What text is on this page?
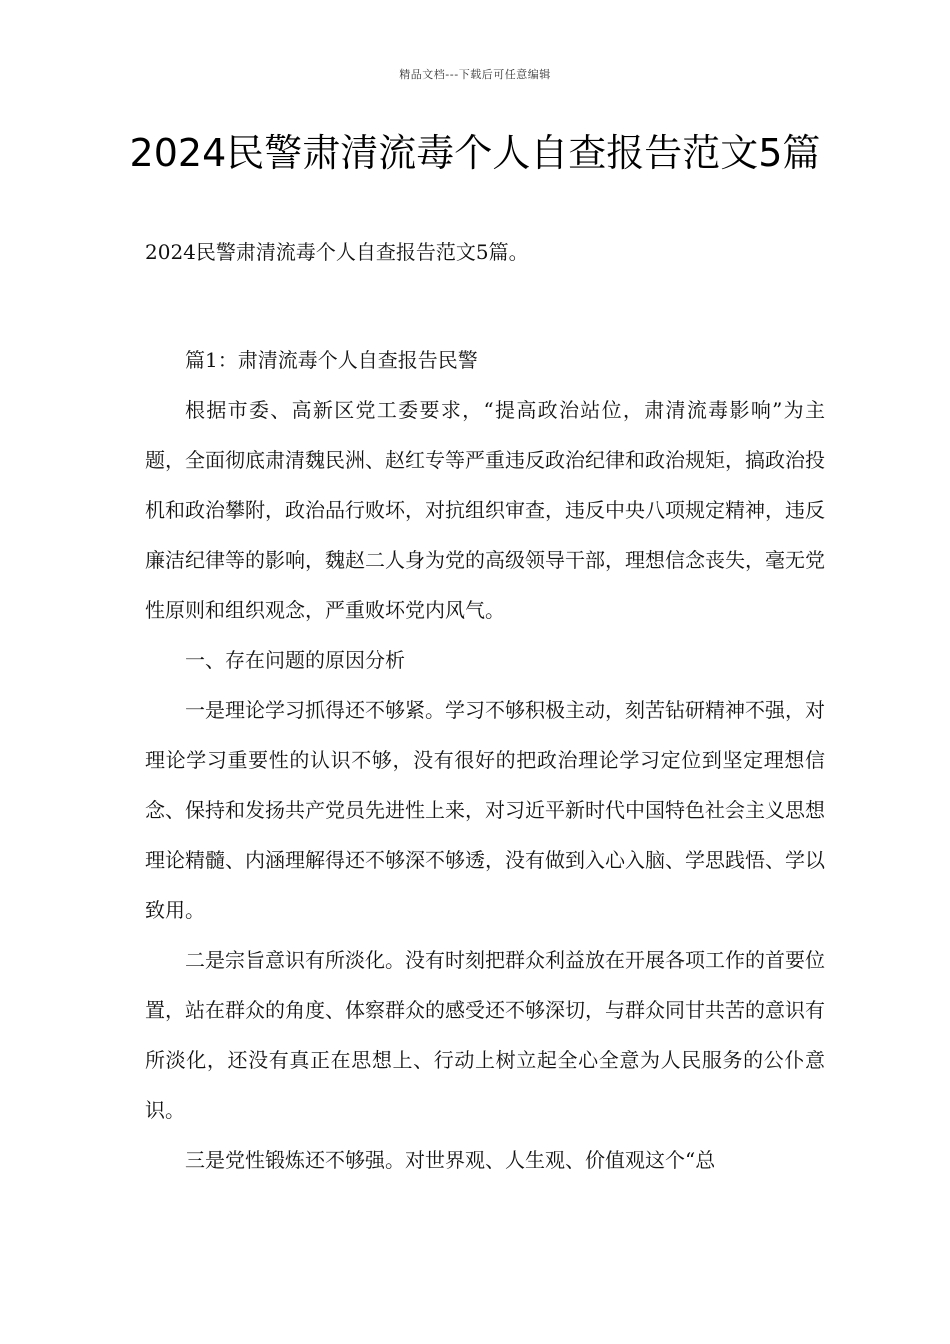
精品文档---下载后可任意编辑
2024民警肃清流毒个人自查报告范文5篇

2024民警肃清流毒个人自查报告范文5篇。

篇1：肃清流毒个人自查报告民警

根据市委、高新区党工委要求，“提高政治站位，肃清流毒影响”为主题，全面彻底肃清魏民洲、赵红专等严重违反政治纪律和政治规矩，搞政治投机和政治攀附，政治品行败坏，对抗组织审查，违反中央八项规定精神，违反廉洁纪律等的影响，魏赵二人身为党的高级领导干部，理想信念丧失，毫无党性原则和组织观念，严重败坏党内风气。

一、存在问题的原因分析

一是理论学习抓得还不够紧。学习不够积极主动，刻苦钻研精神不强，对理论学习重要性的认识不够，没有很好的把政治理论学习定位到坚定理想信念、保持和发扬共产党员先进性上来，对习近平新时代中国特色社会主义思想理论精髓、内涵理解得还不够深不够透，没有做到入心入脑、学思践悟、学以致用。

二是宗旨意识有所淡化。没有时刻把群众利益放在开展各项工作的首要位置，站在群众的角度、体察群众的感受还不够深切，与群众同甘共苦的意识有所淡化，还没有真正在思想上、行动上树立起全心全意为人民服务的公仆意识。

三是党性锻炼还不够强。对世界观、人生观、价值观这个“总
